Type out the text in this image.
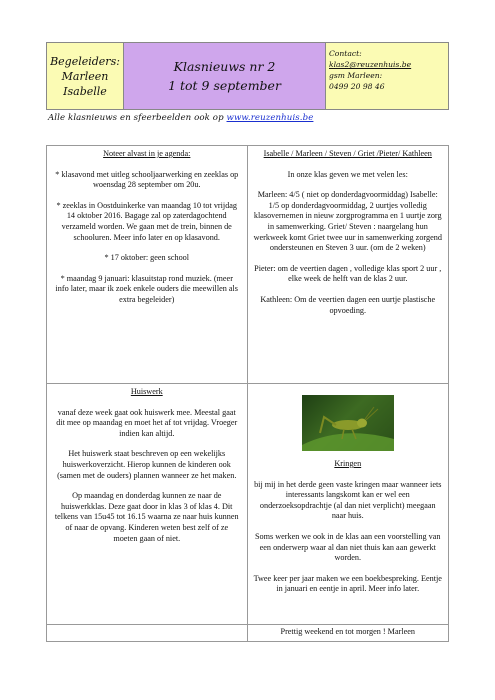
Begeleiders:
Marleen
Isabelle
Klasnieuws nr 2
1 tot 9 september
Contact:
klas2@reuzenhuis.be
gsm Marleen:
0499 20 98 46
Alle klasnieuws en sfeerbeelden ook op www.reuzenhuis.be

Noteer alvast in je agenda:

* klasavond met uitleg schooljaarwerking en zeeklas op woensdag 28 september om 20u.

* zeeklas in Oostduinkerke van maandag 10 tot vrijdag 14 oktober 2016. Bagage zal op zaterdagochtend verzameld worden. We gaan met de trein, binnen de schooluren. Meer info later en op klasavond.

* 17 oktober: geen school

* maandag 9 januari: klasuitstap rond muziek. (meer info later, maar ik zoek enkele ouders die meewillen als extra begeleider)

Isabelle / Marleen / Steven / Griet /Pieter/ Kathleen

In onze klas geven we met velen les:

Marleen: 4/5 ( niet op donderdagvoormiddag) Isabelle: 1/5 op donderdagvoormiddag, 2 uurtjes volledig klasovernemen in nieuw zorgprogramma en 1 uurtje zorg in samenwerking. Griet/ Steven : naargelang hun werkweek komt Griet twee uur in samenwerking zorgend ondersteunen en Steven 3 uur. (om de 2 weken)

Pieter: om de veertien dagen , volledige klas sport 2 uur , elke week de helft van de klas 2 uur.

Kathleen: Om de veertien dagen een uurtje plastische opvoeding.

Huiswerk

vanaf deze week gaat ook huiswerk mee. Meestal gaat dit mee op maandag en moet het af tot vrijdag. Vroeger indien kan altijd.

Het huiswerk staat beschreven op een wekelijks huiswerkoverzicht. Hierop kunnen de kinderen ook (samen met de ouders) plannen wanneer ze het maken.

Op maandag en donderdag kunnen ze naar de huiswerkklas. Deze gaat door in klas 3 of klas 4. Dit telkens van 15u45 tot 16.15 waarna ze naar huis kunnen of naar de opvang. Kinderen weten best zelf of ze moeten gaan of niet.

Kringen

bij mij in het derde geen vaste kringen maar wanneer iets interessants langskomt kan er wel een onderzoeksopdrachtje (al dan niet verplicht) meegaan naar huis.

Soms werken we ook in de klas aan een voorstelling van een onderwerp waar al dan niet thuis kan aan gewerkt worden.

Twee keer per jaar maken we een boekbespreking. Eentje in januari en eentje in april. Meer info later.

Prettig weekend en tot morgen ! Marleen
